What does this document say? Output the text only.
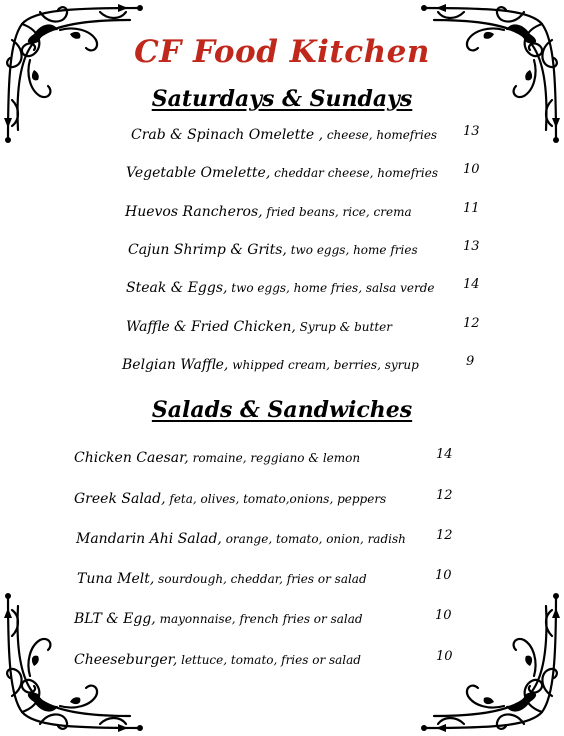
CF Food Kitchen
Saturdays & Sundays
Crab & Spinach Omelette , cheese, homefries 13
Vegetable Omelette, cheddar cheese, homefries 10
Huevos Rancheros, fried beans, rice, crema	11
Cajun Shrimp & Grits, two eggs, home fries	13
Steak & Eggs, two eggs, home fries, salsa verde 14
Waffle & Fried Chicken, Syrup & butter	12
Belgian Waffle, whipped cream, berries, syrup	9
Salads & Sandwiches
Chicken Caesar, romaine, reggiano & lemon	14
Greek Salad, feta, olives, tomato,onions, peppers	12
Mandarin Ahi Salad, orange, tomato, onion, radish 12
Tuna Melt, sourdough, cheddar, fries or salad	10
BLT & Egg, mayonnaise, french fries or salad	10
Cheeseburger, lettuce, tomato, fries or salad	10
